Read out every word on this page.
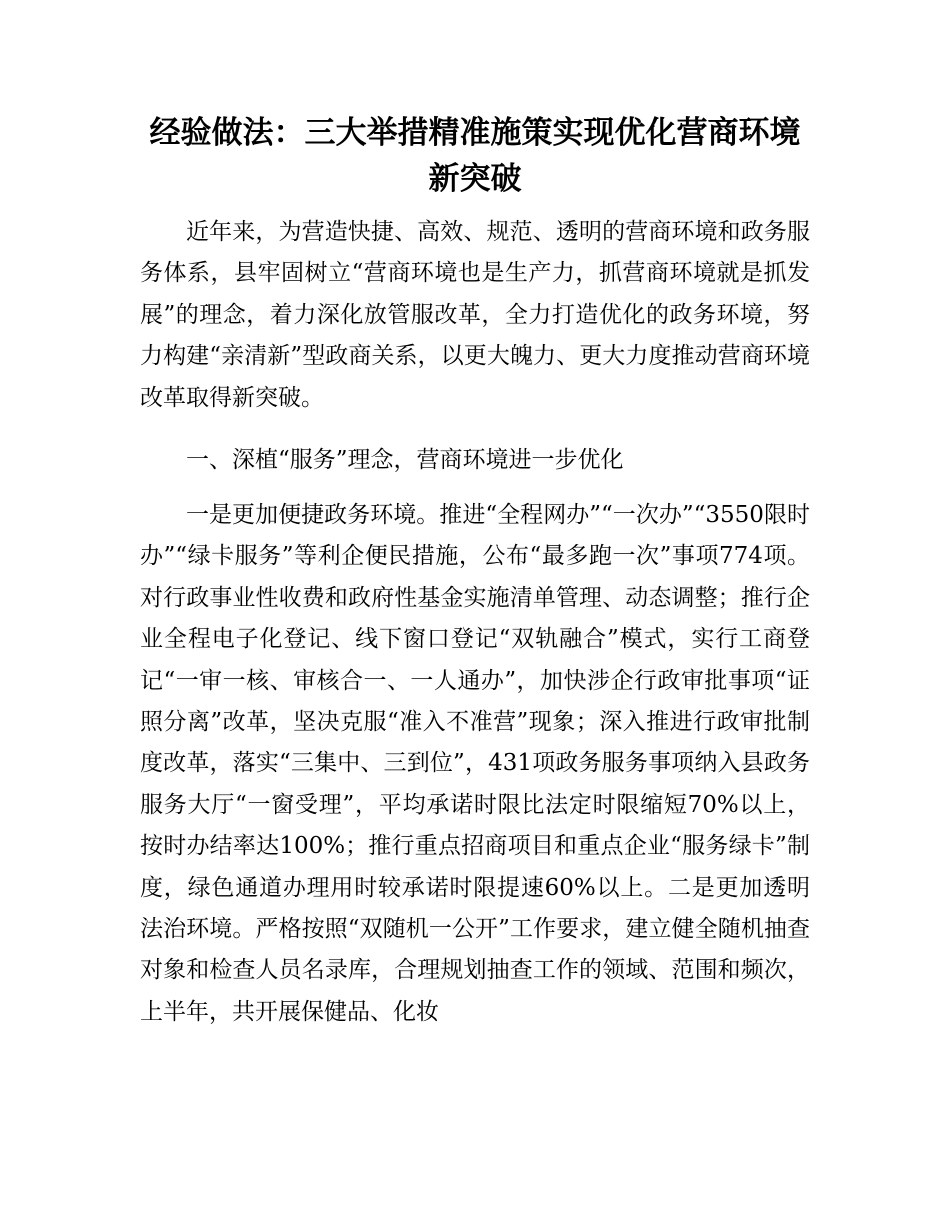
经验做法：三大举措精准施策实现优化营商环境新突破

近年来，为营造快捷、高效、规范、透明的营商环境和政务服务体系，县牢固树立“营商环境也是生产力，抓营商环境就是抓发展”的理念，着力深化放管服改革，全力打造优化的政务环境，努力构建“亲清新”型政商关系，以更大魄力、更大力度推动营商环境改革取得新突破。

一、深植“服务”理念，营商环境进一步优化

一是更加便捷政务环境。推进“全程网办”“一次办”“3550限时办”“绿卡服务”等利企便民措施，公布“最多跑一次”事项774项。对行政事业性收费和政府性基金实施清单管理、动态调整；推行企业全程电子化登记、线下窗口登记“双轨融合”模式，实行工商登记“一审一核、审核合一、一人通办”，加快涉企行政审批事项“证照分离”改革，坚决克服“准入不准营”现象；深入推进行政审批制度改革，落实“三集中、三到位”，431项政务服务事项纳入县政务服务大厅“一窗受理”，平均承诺时限比法定时限缩短70%以上，按时办结率达100%；推行重点招商项目和重点企业“服务绿卡”制度，绿色通道办理用时较承诺时限提速60%以上。二是更加透明法治环境。严格按照“双随机一公开”工作要求，建立健全随机抽查对象和检查人员名录库，合理规划抽查工作的领域、范围和频次，上半年，共开展保健品、化妆
